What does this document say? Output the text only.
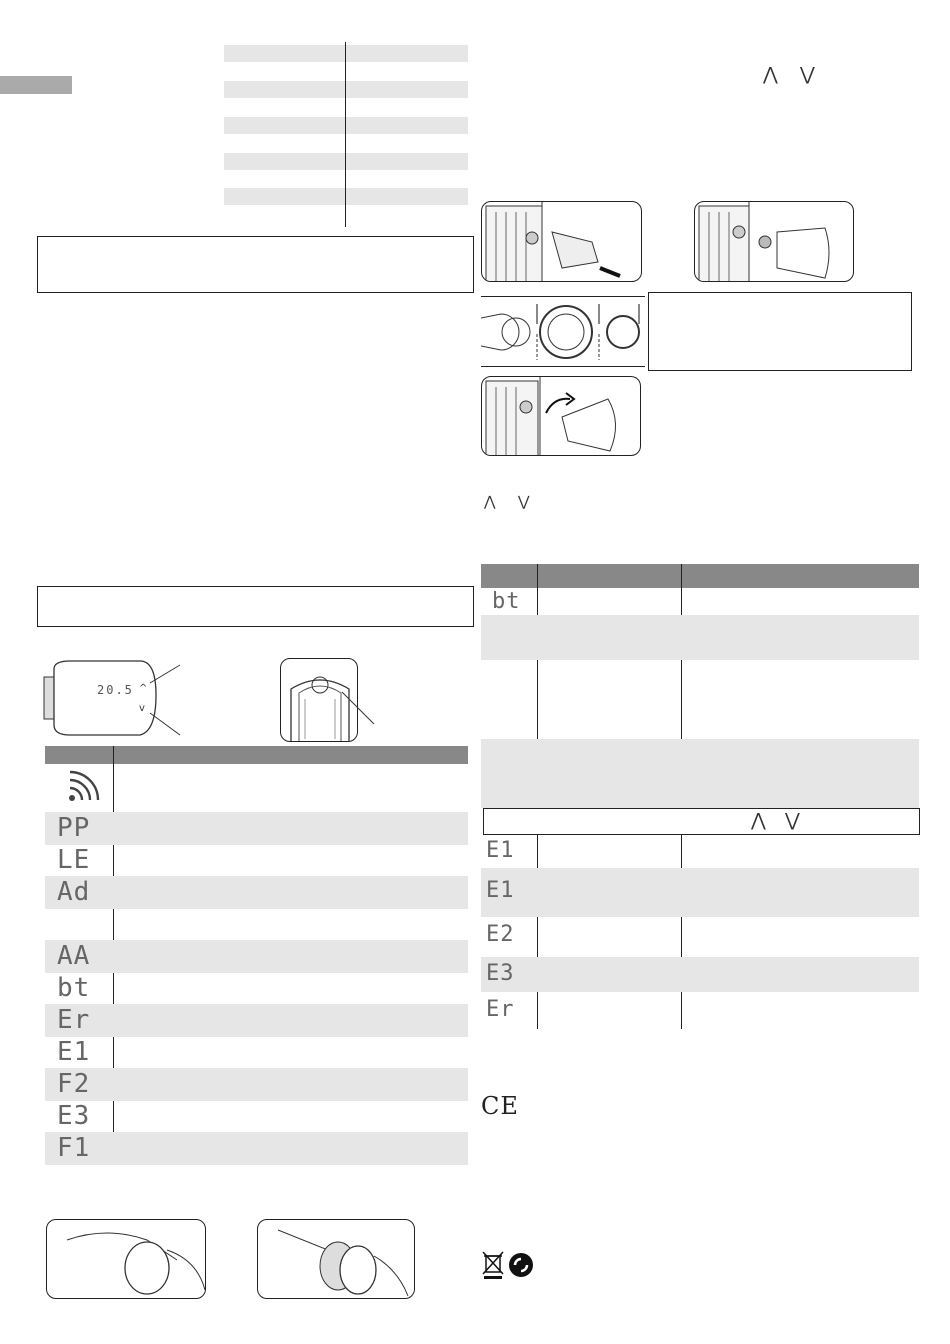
^
v
20.5
PP
LE
Ad
AA
bt
Er
E1
F2
E3
F1
⋀ ⋁
⋀ ⋁
⋀ ⋁
bt
E1
E1
E2
E3
Er
CE
